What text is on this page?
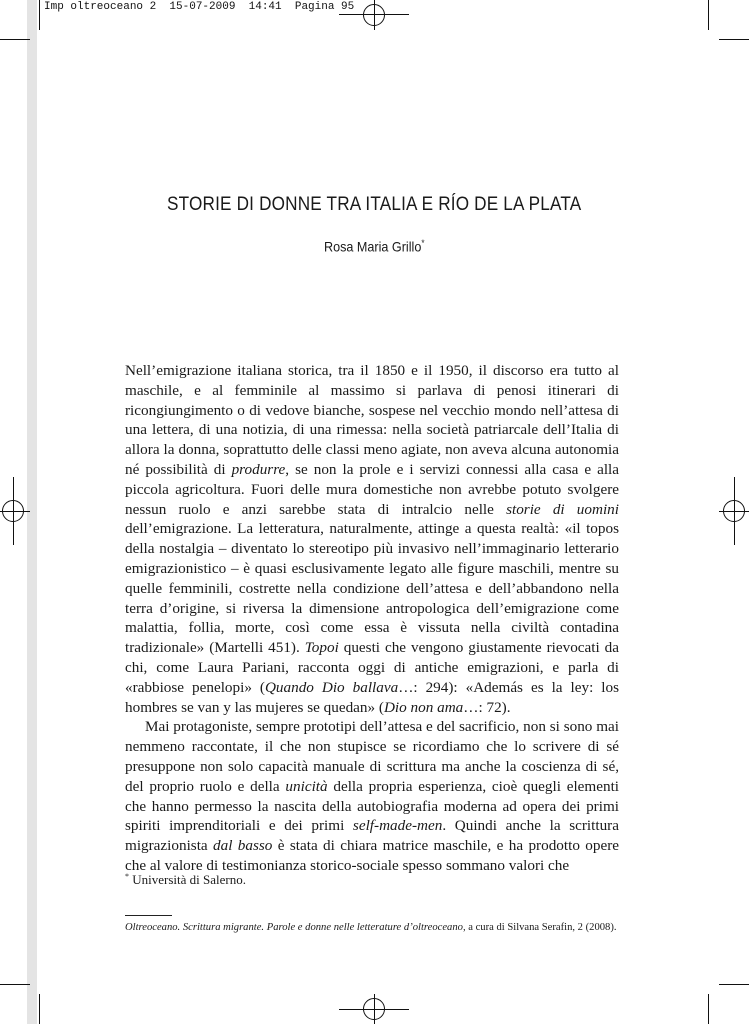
Imp oltreoceano 2  15-07-2009  14:41  Pagina 95
STORIE DI DONNE TRA ITALIA E RÍO DE LA PLATA
Rosa Maria Grillo*

Nell’emigrazione italiana storica, tra il 1850 e il 1950, il discorso era tutto al maschile, e al femminile al massimo si parlava di penosi itinerari di ricongiungimento o di vedove bianche, sospese nel vecchio mondo nell’attesa di una lettera, di una notizia, di una rimessa: nella società patriarcale dell’Italia di allora la donna, soprattutto delle classi meno agiate, non aveva alcuna autonomia né possibilità di produrre, se non la prole e i servizi connessi alla casa e alla piccola agricoltura. Fuori delle mura domestiche non avrebbe potuto svolgere nessun ruolo e anzi sarebbe stata di intralcio nelle storie di uomini dell’emigrazione. La letteratura, naturalmente, attinge a questa realtà: «il topos della nostalgia – diventato lo stereotipo più invasivo nell’immaginario letterario emigrazionistico – è quasi esclusivamente legato alle figure maschili, mentre su quelle femminili, costrette nella condizione dell’attesa e dell’abbandono nella terra d’origine, si riversa la dimensione antropologica dell’emigrazione come malattia, follia, morte, così come essa è vissuta nella civiltà contadina tradizionale» (Martelli 451). Topoi questi che vengono giustamente rievocati da chi, come Laura Pariani, racconta oggi di antiche emigrazioni, e parla di «rabbiose penelopi» (Quando Dio ballava…: 294): «Además es la ley: los hombres se van y las mujeres se quedan» (Dio non ama…: 72).

Mai protagoniste, sempre prototipi dell’attesa e del sacrificio, non si sono mai nemmeno raccontate, il che non stupisce se ricordiamo che lo scrivere di sé presuppone non solo capacità manuale di scrittura ma anche la coscienza di sé, del proprio ruolo e della unicità della propria esperienza, cioè quegli elementi che hanno permesso la nascita della autobiografia moderna ad opera dei primi spiriti imprenditoriali e dei primi self-made-men. Quindi anche la scrittura migrazionista dal basso è stata di chiara matrice maschile, e ha prodotto opere che al valore di testimonianza storico-sociale spesso sommano valori che

* Università di Salerno.
Oltreoceano. Scrittura migrante. Parole e donne nelle letterature d’oltreoceano, a cura di Silvana Serafin, 2 (2008).
